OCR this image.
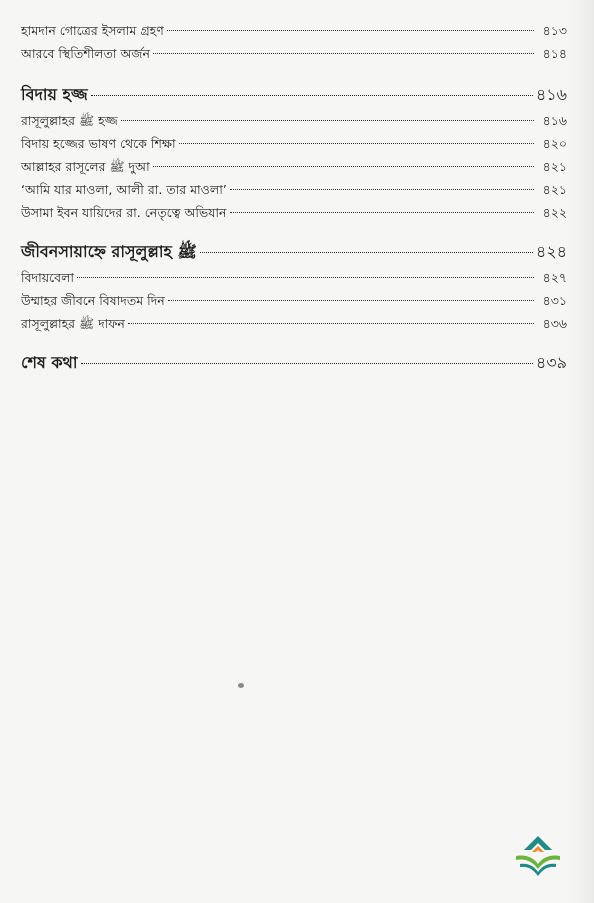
হামদান গোত্রের ইসলাম গ্রহণ	৪১৩
আরবে স্থিতিশীলতা অর্জন	৪১৪
বিদায় হজ্জ	৪১৬
রাসূলুল্লাহর ﷺ হজ্জ	৪১৬
বিদায় হজ্জের ভাষণ থেকে শিক্ষা	৪২০
আল্লাহর রাসূলের ﷺ দুআ	৪২১
‘আমি যার মাওলা, আলী রা. তার মাওলা’	৪২১
উসামা ইবন যায়িদের রা. নেতৃত্বে অভিযান	৪২২
জীবনসায়াহ্নে রাসূলুল্লাহ ﷺ	৪২৪
বিদায়বেলা	৪২৭
উম্মাহর জীবনে বিষাদতম দিন	৪৩১
রাসূলুল্লাহর ﷺ দাফন	৪৩৬
শেষ কথা	৪৩৯
